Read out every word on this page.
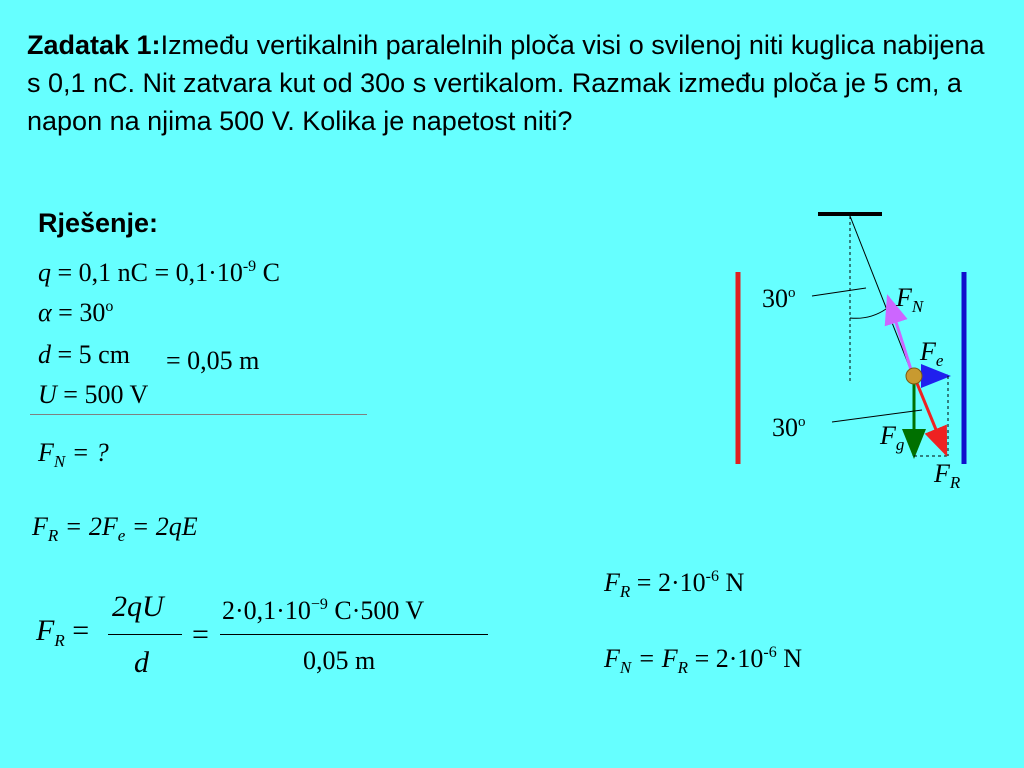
Zadatak 1:Između vertikalnih paralelnih ploča visi o svilenoj niti kuglica nabijena s 0,1 nC. Nit zatvara kut od 30o s vertikalom. Razmak između ploča je 5 cm, a napon na njima 500 V. Kolika je napetost niti?
Rješenje:
q = 0,1 nC = $0,1\cdot 10^{-9}$ C
$\alpha = 30^o$
d = 5 cm = 0,05 m
U = 500 V
$F_N$ = ?
$F_R = 2F_e = 2qE$
$F_R$ =
2qU
d
=
$2\cdot 0,1\cdot 10^{-9}$ C·500 V
0,05 m
$F_R = 2\cdot 10^{-6}$ N
$F_N = F_R = 2\cdot 10^{-6}$ N
30$^o$
30$^o$
$F_N$
$F_e$
$F_g$
$F_R$
